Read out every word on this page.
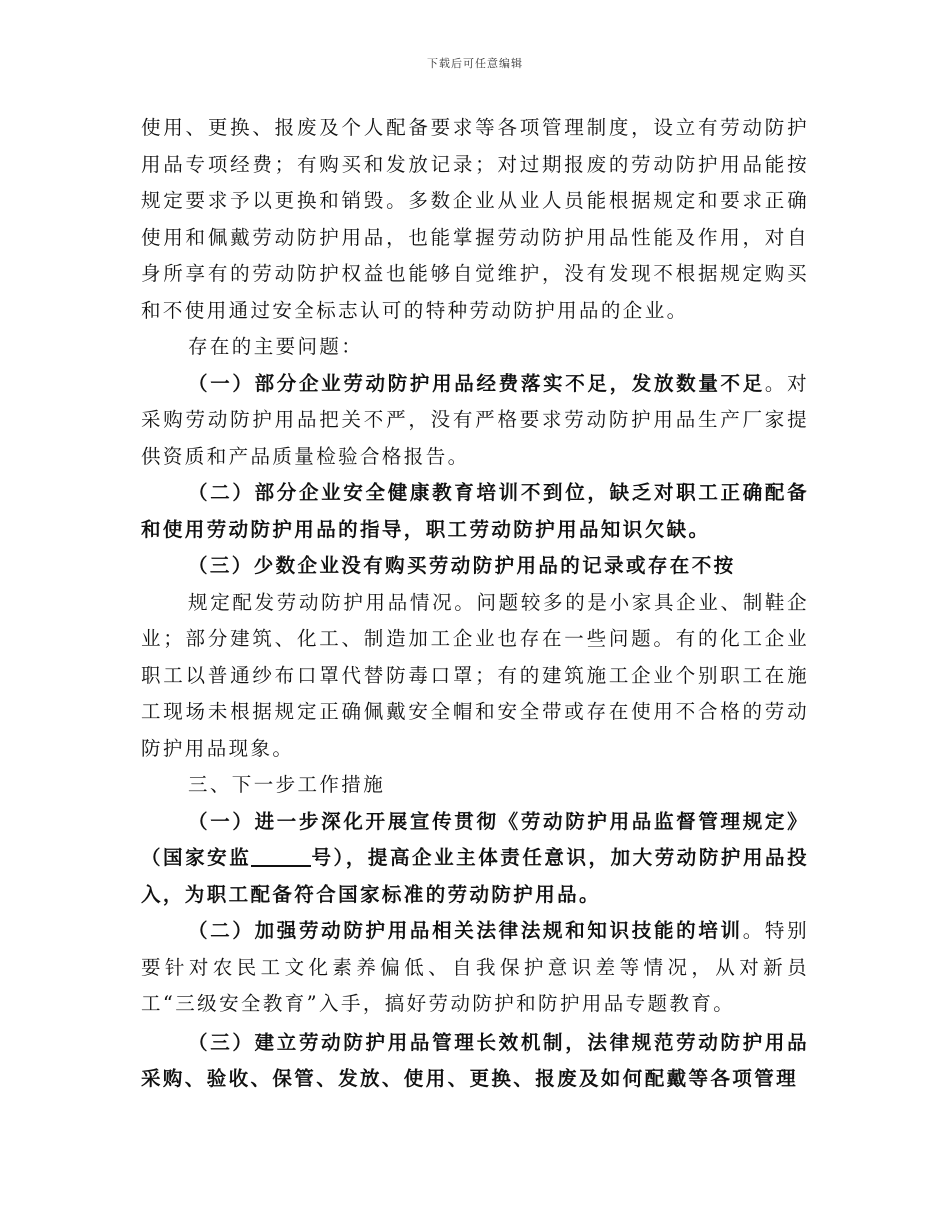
下载后可任意编辑

使用、更换、报废及个人配备要求等各项管理制度，设立有劳动防护用品专项经费；有购买和发放记录；对过期报废的劳动防护用品能按规定要求予以更换和销毁。多数企业从业人员能根据规定和要求正确使用和佩戴劳动防护用品，也能掌握劳动防护用品性能及作用，对自身所享有的劳动防护权益也能够自觉维护，没有发现不根据规定购买和不使用通过安全标志认可的特种劳动防护用品的企业。

存在的主要问题：

（一）部分企业劳动防护用品经费落实不足，发放数量不足。对采购劳动防护用品把关不严，没有严格要求劳动防护用品生产厂家提供资质和产品质量检验合格报告。

（二）部分企业安全健康教育培训不到位，缺乏对职工正确配备和使用劳动防护用品的指导，职工劳动防护用品知识欠缺。

（三）少数企业没有购买劳动防护用品的记录或存在不按

规定配发劳动防护用品情况。问题较多的是小家具企业、制鞋企业；部分建筑、化工、制造加工企业也存在一些问题。有的化工企业职工以普通纱布口罩代替防毒口罩；有的建筑施工企业个别职工在施工现场未根据规定正确佩戴安全帽和安全带或存在使用不合格的劳动防护用品现象。

三、下一步工作措施

（一）进一步深化开展宣传贯彻《劳动防护用品监督管理规定》（国家安监	号），提高企业主体责任意识，加大劳动防护用品投入，为职工配备符合国家标准的劳动防护用品。

（二）加强劳动防护用品相关法律法规和知识技能的培训。特别要针对农民工文化素养偏低、自我保护意识差等情况，从对新员工“三级安全教育”入手，搞好劳动防护和防护用品专题教育。

（三）建立劳动防护用品管理长效机制，法律规范劳动防护用品采购、验收、保管、发放、使用、更换、报废及如何配戴等各项管理
